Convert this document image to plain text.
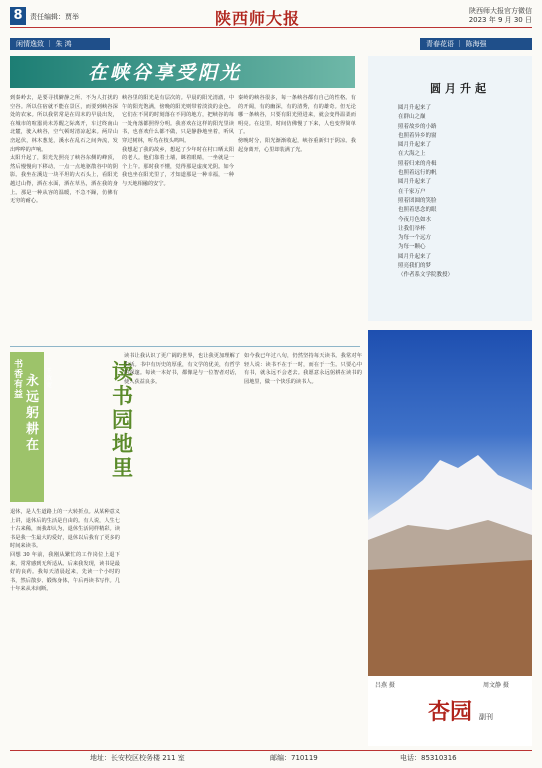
8	责任编辑：贾举	陕西师大报	陕西师大报官方微信
2023 年 9 月 30 日
闲情逸致 ｜ 朱 鸿	青春花语 ｜ 陈海强
在峡谷享受阳光

到秦岭去，是要寻找僻静之所、不为人打扰的空谷。所以住宿就不能在景区，而要到峡谷深处的农家。所以我常常是在周末的早晨出发，在城市的喧嚣尚未苏醒之际离开，车过终南山北麓，驶入峡谷，空气顿时清凉起来。两岸山峦起伏，林木葱茏，溪水在乱石之间奔流，发出哗哗的声响。

太阳升起了，阳光先照亮了峡谷东侧的峰顶，然后慢慢向下移动，一点一点地驱散谷中的阴影。我坐在溪边一块平坦的大石头上，看阳光越过山脊，洒在水面，洒在草丛，洒在我的身上。那是一种从容的温暖，不急不躁，仿佛有无穷的耐心。

峡谷里的阳光是有层次的。早晨的阳光清澈，中午的阳光饱满，傍晚的阳光则带着淡淡的金色。它们在不同的时刻落在不同的地方，把峡谷的每一处角落都照得分明。我喜欢在这样的阳光里读书，也喜欢什么都不做，只是静静地坐着，听风穿过树林，听鸟在枝头鸣叫。

我想起了我的故乡，想起了少年时在村口晒太阳的老人。他们靠着土墙，眯着眼睛，一坐就是一个上午。那时我不懂，觉得那是虚度光阴。如今我也坐在阳光里了，才知道那是一种幸福，一种与天地相融的安宁。

秦岭的峡谷很多，每一条峡谷都有自己的性格。有的开阔，有的幽深，有的清秀，有的雄奇。但无论哪一条峡谷，只要有阳光照进来，就会变得温柔而明亮。在这里，时间仿佛慢了下来，人也变得简单了。

傍晚时分，阳光渐渐收起，峡谷重新归于阴凉。我起身离开，心里却装满了光。

圆月升起
圆月升起来了
在群山之巅
照着故乡的小路
也照着异乡的窗
圆月升起来了
在大海之上
照着归来的舟楫
也照着远行的帆
圆月升起来了
在千家万户
照着团圆的笑脸
也照着思念的眼
今夜月色如水
让我们举杯
为每一个远方
为每一颗心
圆月升起来了
照亮我们的梦
（作者系文学院教授）
书香有益
永远躬耕在
读书园地里
王效宽

退休，是人生道路上的一大转折点。从某种意义上讲，退休后的生活是自由的。有人说，人生七十古来稀，而我却认为，退休生活同样精彩。读书是我一生最大的爱好，退休以后我有了更多的时间来读书。

回想 30 年前，我刚从繁忙的工作岗位上退下来，常常感到无所适从。后来我发现，读书是最好的良药。我每天清晨起来，先读一个小时的书，然后散步、锻炼身体，午后再读书写作。几十年来从未间断。

读书让我认识了更广阔的世界，也让我更加理解了生活。书中有历史的厚重，有文学的优美，有哲学的深邃。每读一本好书，都像是与一位智者对话，使人获益良多。

如今我已年过八旬，仍然坚持每天读书。我常对年轻人说：读书不在于一时，而在于一生。只要心中有书，就永远不会老去。我愿意永远躬耕在读书的园地里，做一个快乐的读书人。

吕燕 摄	周文静 摄
杏园 副刊
地址：长安校区校务楼 211 室	邮编：710119	电话：85310316
